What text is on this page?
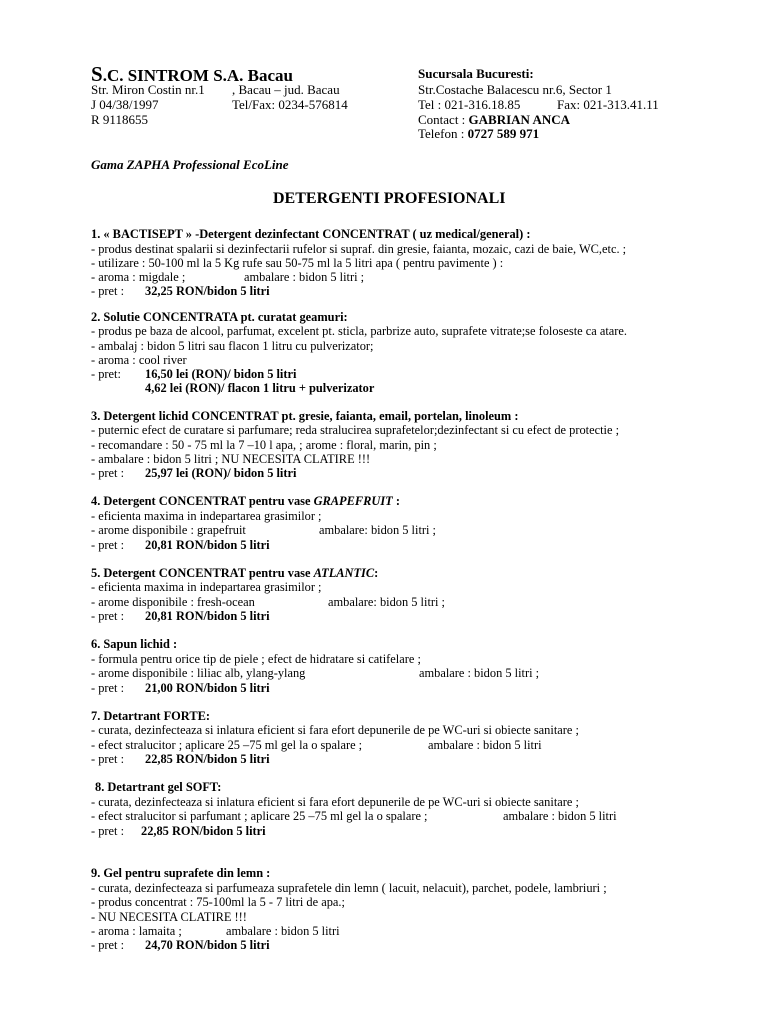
S.C. SINTROM S.A. Bacau
Str. Miron Costin nr.1 , Bacau – jud. Bacau
J 04/38/1997	Tel/Fax: 0234-576814
R 9118655
Sucursala Bucuresti:
Str.Costache Balacescu nr.6, Sector 1
Tel : 021-316.18.85	Fax: 021-313.41.11
Contact : GABRIAN ANCA
Telefon : 0727 589 971
Gama ZAPHA Professional EcoLine
DETERGENTI PROFESIONALI
1. « BACTISEPT » -Detergent dezinfectant CONCENTRAT ( uz medical/general) :
- produs destinat spalarii si dezinfectarii rufelor si supraf. din gresie, faianta, mozaic, cazi de baie, WC,etc. ;
- utilizare : 50-100 ml la 5 Kg rufe sau 50-75 ml la 5 litri apa ( pentru pavimente ) :
- aroma : migdale ;	ambalare : bidon 5 litri ;
- pret : 32,25 RON/bidon 5 litri
2. Solutie CONCENTRATA pt. curatat geamuri:
- produs pe baza de alcool, parfumat, excelent pt. sticla, parbrize auto, suprafete vitrate;se foloseste ca atare.
- ambalaj : bidon 5 litri sau flacon 1 litru cu pulverizator;
- aroma : cool river
- pret: 16,50 lei (RON)/ bidon 5 litri
4,62 lei (RON)/ flacon 1 litru + pulverizator
3. Detergent lichid CONCENTRAT pt. gresie, faianta, email, portelan, linoleum :
- puternic efect de curatare si parfumare; reda stralucirea suprafetelor;dezinfectant si cu efect de protectie ;
- recomandare : 50 - 75 ml la 7 –10 l apa, ; arome : floral, marin, pin ;
- ambalare : bidon 5 litri ; NU NECESITA CLATIRE !!!
- pret : 25,97 lei (RON)/ bidon 5 litri
4. Detergent CONCENTRAT pentru vase GRAPEFRUIT :
- eficienta maxima in indepartarea grasimilor ;
- arome disponibile : grapefruit	ambalare: bidon 5 litri ;
- pret : 20,81 RON/bidon 5 litri
5. Detergent CONCENTRAT pentru vase ATLANTIC:
- eficienta maxima in indepartarea grasimilor ;
- arome disponibile : fresh-ocean	ambalare: bidon 5 litri ;
- pret : 20,81 RON/bidon 5 litri
6. Sapun lichid :
- formula pentru orice tip de piele ; efect de hidratare si catifelare ;
- arome disponibile : liliac alb, ylang-ylang	ambalare : bidon 5 litri ;
- pret : 21,00 RON/bidon 5 litri
7. Detartrant FORTE:
- curata, dezinfecteaza si inlatura eficient si fara efort depunerile de pe WC-uri si obiecte sanitare ;
- efect stralucitor ; aplicare 25 –75 ml gel la o spalare ;	ambalare : bidon 5 litri
- pret : 22,85 RON/bidon 5 litri
8. Detartrant gel SOFT:
- curata, dezinfecteaza si inlatura eficient si fara efort depunerile de pe WC-uri si obiecte sanitare ;
- efect stralucitor si parfumant ; aplicare 25 –75 ml gel la o spalare ;	ambalare : bidon 5 litri
- pret : 22,85 RON/bidon 5 litri
9. Gel pentru suprafete din lemn :
- curata, dezinfecteaza si parfumeaza suprafetele din lemn ( lacuit, nelacuit), parchet, podele, lambriuri ;
- produs concentrat : 75-100ml la 5 - 7 litri de apa.;
- NU NECESITA CLATIRE !!!
- aroma : lamaita ;	ambalare : bidon 5 litri
- pret : 24,70 RON/bidon 5 litri
